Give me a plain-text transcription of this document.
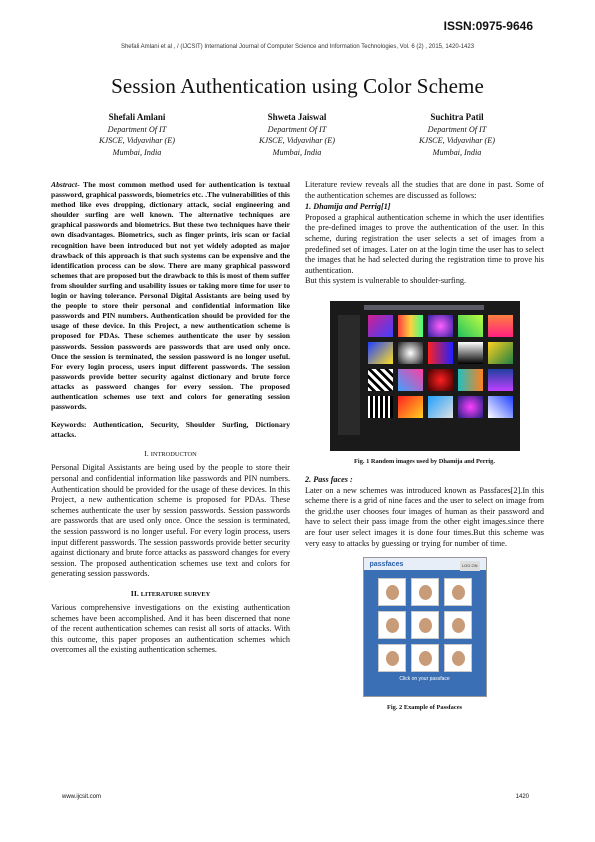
ISSN:0975-9646
Shefali Amlani et al , / (IJCSIT) International Journal of Computer Science and Information Technologies, Vol. 6 (2) , 2015, 1420-1423
Session Authentication using Color Scheme
Shefali Amlani
Department Of IT
KJSCE, Vidyavihar (E)
Mumbai, India
Shweta Jaiswal
Department Of IT
KJSCE, Vidyavihar (E)
Mumbai, India
Suchitra Patil
Department Of IT
KJSCE, Vidyavihar (E)
Mumbai, India

Abstract- The most common method used for authentication is textual password, graphical passwords, biometrics etc. .The vulnerabilities of this method like eves dropping, dictionary attack, social engineering and shoulder surfing are well known. The alternative techniques are graphical passwords and biometrics. But these two techniques have their own disadvantages. Biometrics, such as finger prints, iris scan or facial recognition have been introduced but not yet widely adopted as major drawback of this approach is that such systems can be expensive and the identification process can be slow. There are many graphical password schemes that are proposed but the drawback to this is most of them suffer from shoulder surfing and usability issues or taking more time for user to login or having tolerance. Personal Digital Assistants are being used by the people to store their personal and confidential information like passwords and PIN numbers. Authentication should be provided for the usage of these device. In this Project, a new authentication scheme is proposed for PDAs. These schemes authenticate the user by session passwords. Session passwords are passwords that are used only once. Once the session is terminated, the session password is no longer useful. For every login process, users input different passwords. The session passwords provide better security against dictionary and brute force attacks as password changes for every session. The proposed authentication schemes use text and colors for generating session passwords.

Keywords: Authentication, Security, Shoulder Surfing, Dictionary attacks.

I. INTRODUCTON

Personal Digital Assistants are being used by the people to store their personal and confidential information like passwords and PIN numbers. Authentication should be provided for the usage of these devices. In this Project, a new authentication scheme is proposed for PDAs. These schemes authenticate the user by session passwords. Session passwords are passwords that are used only once. Once the session is terminated, the session password is no longer useful. For every login process, users input different passwords. The session passwords provide better security against dictionary and brute force attacks as password changes for every session. The proposed authentication schemes use text and colors for generating session passwords.

II. LITERATURE SURVEY

Various comprehensive investigations on the existing authentication schemes have been accomplished. And it has been discerned that none of the recent authentication schemes can resist all sorts of attacks. With this outcome, this paper proposes an authentication schemes which overcomes all the existing authentication schemes.

Literature review reveals all the studies that are done in past. Some of the authentication schemes are discussed as follows:

1. Dhamija and Perrig[1]

Proposed a graphical authentication scheme in which the user identifies the pre-defined images to prove the authentication of the user. In this scheme, during registration the user selects a set of images from a predefined set of images. Later on at the login time the user has to select the images that he had selected during the registration time to prove his authentication.

But this system is vulnerable to shoulder-surfing.

Fig. 1 Random images used by Dhamija and Perrig.

2. Pass faces :

Later on a new schemes was introduced known as Passfaces[2].In this scheme there is a grid of nine faces and the user to select on image from the grid.the user chooses four images of human as their password and have to select their pass image from the other eight images.since there are four user select images it is done four times.But this scheme was very easy to attacks by guessing or trying for number of time.

passfaces	LOG ON
Click on your passface
Fig. 2 Example of Passfaces
www.ijcsit.com	1420
